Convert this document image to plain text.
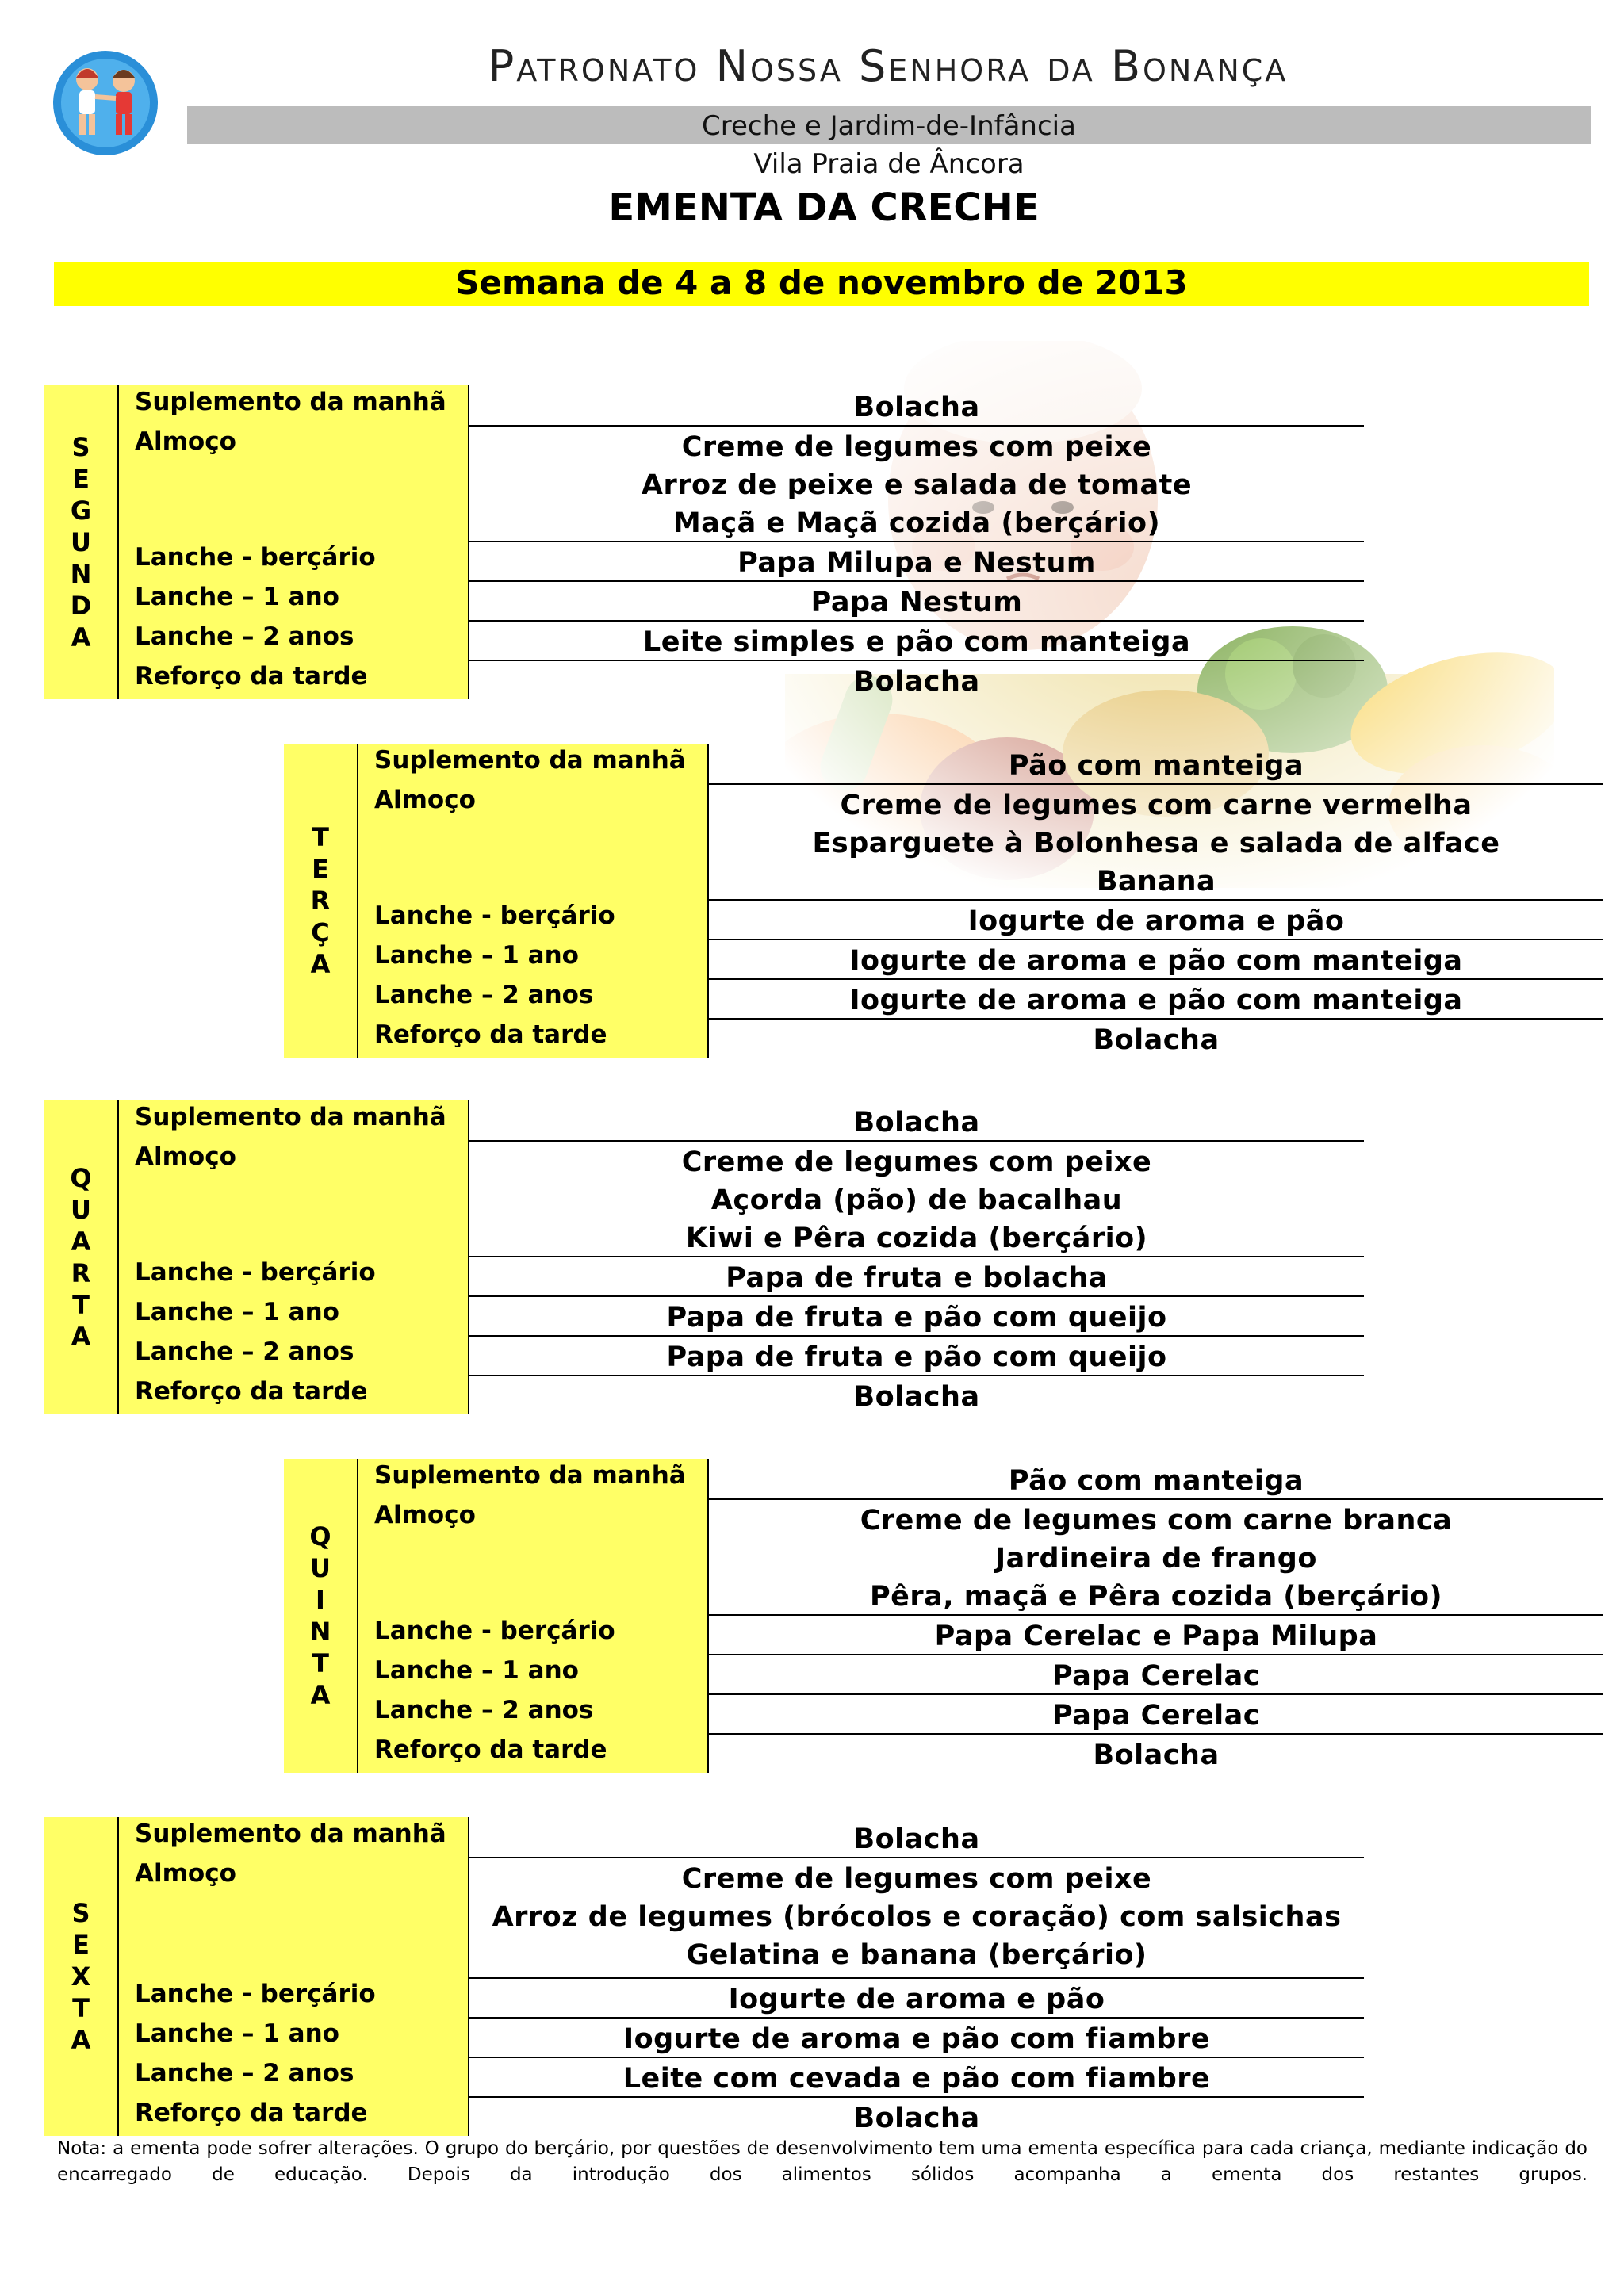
Patronato Nossa Senhora da Bonança
Creche e Jardim-de-Infância
Vila Praia de Âncora
EMENTA DA CRECHE
Semana de 4 a 8 de novembro de 2013
S
E
G
U
N
D
A
Suplemento da manhã
Almoço
Lanche - berçário
Lanche – 1 ano
Lanche – 2 anos
Reforço da tarde
Bolacha
Creme de legumes com peixe
Arroz de peixe e salada de tomate
Maçã e Maçã cozida (berçário)
Papa Milupa e Nestum
Papa Nestum
Leite simples e pão com manteiga
Bolacha
T
E
R
Ç
A
Suplemento da manhã
Almoço
Lanche - berçário
Lanche – 1 ano
Lanche – 2 anos
Reforço da tarde
Pão com manteiga
Creme de legumes com carne vermelha
Esparguete à Bolonhesa e salada de alface
Banana
Iogurte de aroma e pão
Iogurte de aroma e pão com manteiga
Iogurte de aroma e pão com manteiga
Bolacha
Q
U
A
R
T
A
Suplemento da manhã
Almoço
Lanche - berçário
Lanche – 1 ano
Lanche – 2 anos
Reforço da tarde
Bolacha
Creme de legumes com peixe
Açorda (pão) de bacalhau
Kiwi e Pêra cozida (berçário)
Papa de fruta e bolacha
Papa de fruta e pão com queijo
Papa de fruta e pão com queijo
Bolacha
Q
U
I
N
T
A
Suplemento da manhã
Almoço
Lanche - berçário
Lanche – 1 ano
Lanche – 2 anos
Reforço da tarde
Pão com manteiga
Creme de legumes com carne branca
Jardineira de frango
Pêra, maçã e Pêra cozida (berçário)
Papa Cerelac e Papa Milupa
Papa Cerelac
Papa Cerelac
Bolacha
S
E
X
T
A
Suplemento da manhã
Almoço
Lanche - berçário
Lanche – 1 ano
Lanche – 2 anos
Reforço da tarde
Bolacha
Creme de legumes com peixe
Arroz de legumes (brócolos e coração) com salsichas
Gelatina e banana (berçário)
Iogurte de aroma e pão
Iogurte de aroma e pão com fiambre
Leite com cevada e pão com fiambre
Bolacha
Nota: a ementa pode sofrer alterações. O grupo do berçário, por questões de desenvolvimento tem uma ementa específica para cada criança, mediante indicação do encarregado de educação. Depois da introdução dos alimentos sólidos acompanha a ementa dos restantes grupos.
